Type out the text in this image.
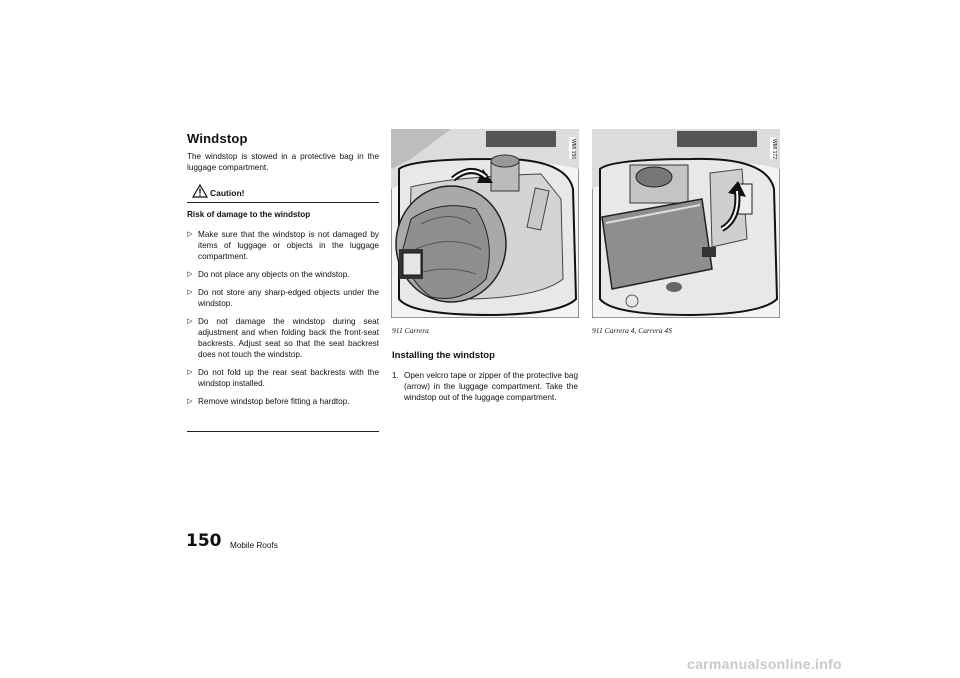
Windstop
The windstop is stowed in a protective bag in the luggage compartment.
Caution!
Risk of damage to the windstop
▷ Make sure that the windstop is not damaged by items of luggage or objects in the luggage compartment.
▷ Do not place any objects on the windstop.
▷ Do not store any sharp-edged objects under the windstop.
▷ Do not damage the windstop during seat adjustment and when folding back the front-seat backrests. Adjust seat so that the seat backrest does not touch the windstop.
▷ Do not fold up the rear seat backrests with the windstop installed.
▷ Remove windstop before fitting a hardtop.
WMI 156
911 Carrera
WMI 172
911 Carrera 4, Carrera 4S
Installing the windstop
1. Open velcro tape or zipper of the protective bag (arrow) in the luggage compartment. Take the windstop out of the luggage compartment.
150 Mobile Roofs
carmanualsonline.info
